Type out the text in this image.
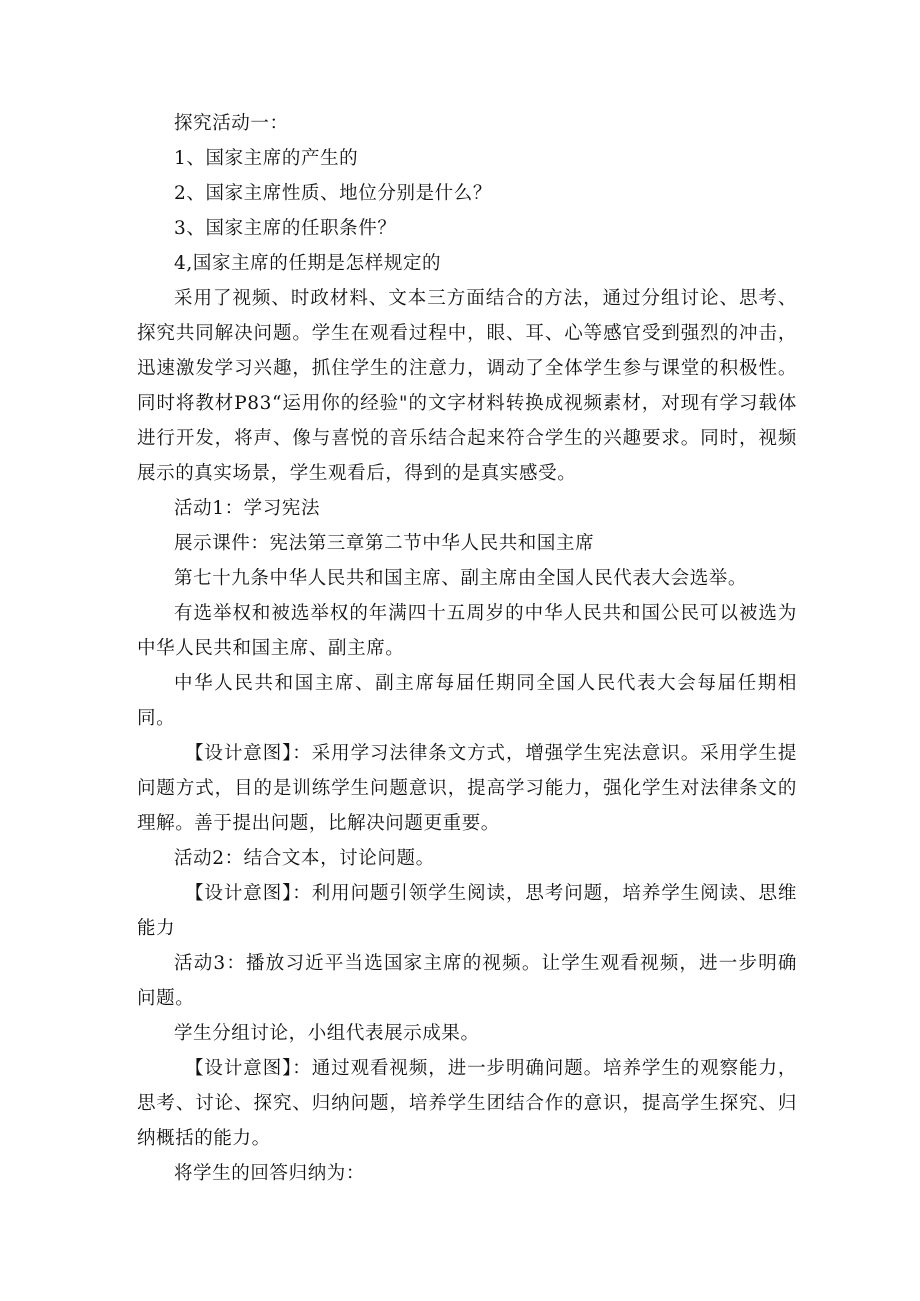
探究活动一：

1、国家主席的产生的

2、国家主席性质、地位分别是什么？

3、国家主席的任职条件？

4,国家主席的任期是怎样规定的

采用了视频、时政材料、文本三方面结合的方法，通过分组讨论、思考、探究共同解决问题。学生在观看过程中，眼、耳、心等感官受到强烈的冲击，迅速激发学习兴趣，抓住学生的注意力，调动了全体学生参与课堂的积极性。同时将教材P83“运用你的经验"的文字材料转换成视频素材，对现有学习载体进行开发，将声、像与喜悦的音乐结合起来符合学生的兴趣要求。同时，视频展示的真实场景，学生观看后，得到的是真实感受。

活动1：学习宪法

展示课件：宪法第三章第二节中华人民共和国主席

第七十九条中华人民共和国主席、副主席由全国人民代表大会选举。

有选举权和被选举权的年满四十五周岁的中华人民共和国公民可以被选为中华人民共和国主席、副主席。

中华人民共和国主席、副主席每届任期同全国人民代表大会每届任期相同。

【设计意图】：采用学习法律条文方式，增强学生宪法意识。采用学生提问题方式，目的是训练学生问题意识，提高学习能力，强化学生对法律条文的理解。善于提出问题，比解决问题更重要。

活动2：结合文本，讨论问题。

【设计意图】：利用问题引领学生阅读，思考问题，培养学生阅读、思维能力

活动3：播放习近平当选国家主席的视频。让学生观看视频，进一步明确问题。

学生分组讨论，小组代表展示成果。

【设计意图】：通过观看视频，进一步明确问题。培养学生的观察能力，思考、讨论、探究、归纳问题，培养学生团结合作的意识，提高学生探究、归纳概括的能力。

将学生的回答归纳为：
